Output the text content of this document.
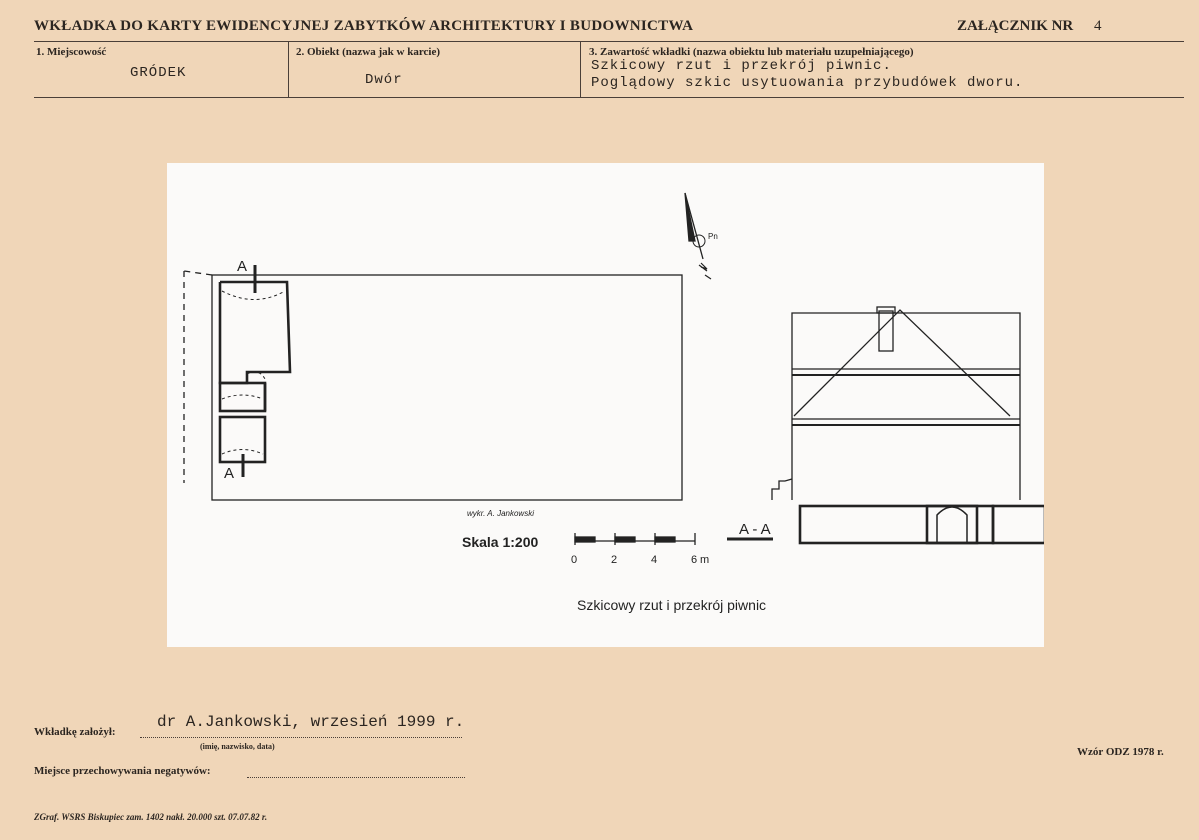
WKŁADKA DO KARTY EWIDENCYJNEJ ZABYTKÓW ARCHITEKTURY I BUDOWNICTWA	ZAŁĄCZNIK NR 4
1. Miejscowość
GRÓDEK
2. Obiekt (nazwa jak w karcie)
Dwór
3. Zawartość wkładki (nazwa obiektu lub materiału uzupełniającego)
Szkicowy rzut i przekrój piwnic.
Poglądowy szkic usytuowania przybudówek dworu.
A
A
Pn
Skala 1:200
0	2	4	6 m
A - A
Szkicowy rzut i przekrój piwnic
wykr. A. Jankowski
Wkładkę założył:
dr A.Jankowski, wrzesień 1999 r.
(imię, nazwisko, data)
Miejsce przechowywania negatywów:
ZGraf. WSRS Biskupiec zam. 1402 nakł. 20.000 szt. 07.07.82 r.
Wzór ODZ 1978 r.
